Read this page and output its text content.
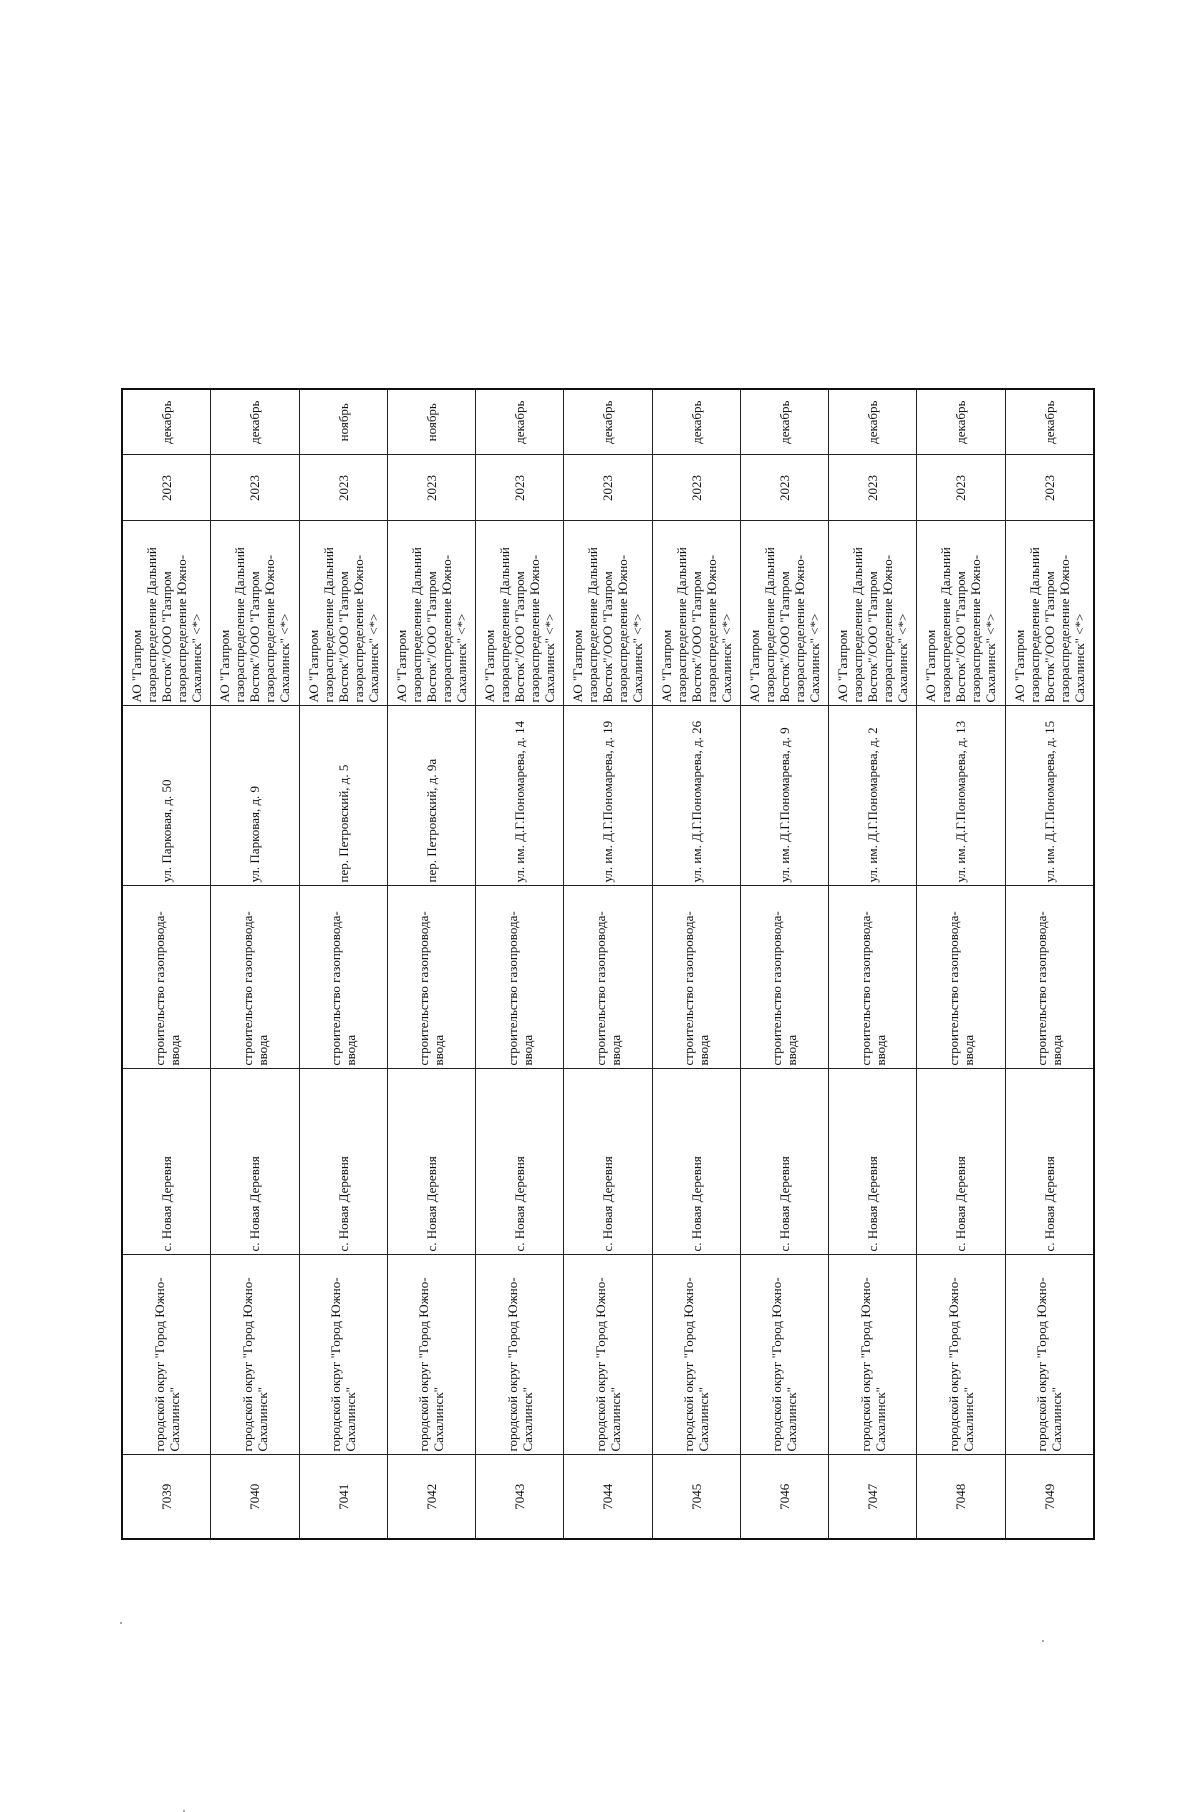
7039	городской округ "Город Южно-Сахалинск"	с. Новая Деревня	строительство газопровода-ввода	ул. Парковая, д. 50	АО "Газпром газораспределение Дальний Восток"/ООО "Газпром газораспределение Южно-Сахалинск" <*>	2023	декабрь
7040	городской округ "Город Южно-Сахалинск"	с. Новая Деревня	строительство газопровода-ввода	ул. Парковая, д. 9	АО "Газпром газораспределение Дальний Восток"/ООО "Газпром газораспределение Южно-Сахалинск" <*>	2023	декабрь
7041	городской округ "Город Южно-Сахалинск"	с. Новая Деревня	строительство газопровода-ввода	пер. Петровский, д. 5	АО "Газпром газораспределение Дальний Восток"/ООО "Газпром газораспределение Южно-Сахалинск" <*>	2023	ноябрь
7042	городской округ "Город Южно-Сахалинск"	с. Новая Деревня	строительство газопровода-ввода	пер. Петровский, д. 9а	АО "Газпром газораспределение Дальний Восток"/ООО "Газпром газораспределение Южно-Сахалинск" <*>	2023	ноябрь
7043	городской округ "Город Южно-Сахалинск"	с. Новая Деревня	строительство газопровода-ввода	ул. им. Д.Г.Пономарева, д. 14	АО "Газпром газораспределение Дальний Восток"/ООО "Газпром газораспределение Южно-Сахалинск" <*>	2023	декабрь
7044	городской округ "Город Южно-Сахалинск"	с. Новая Деревня	строительство газопровода-ввода	ул. им. Д.Г.Пономарева, д. 19	АО "Газпром газораспределение Дальний Восток"/ООО "Газпром газораспределение Южно-Сахалинск" <*>	2023	декабрь
7045	городской округ "Город Южно-Сахалинск"	с. Новая Деревня	строительство газопровода-ввода	ул. им. Д.Г.Пономарева, д. 26	АО "Газпром газораспределение Дальний Восток"/ООО "Газпром газораспределение Южно-Сахалинск" <*>	2023	декабрь
7046	городской округ "Город Южно-Сахалинск"	с. Новая Деревня	строительство газопровода-ввода	ул. им. Д.Г.Пономарева, д. 9	АО "Газпром газораспределение Дальний Восток"/ООО "Газпром газораспределение Южно-Сахалинск" <*>	2023	декабрь
7047	городской округ "Город Южно-Сахалинск"	с. Новая Деревня	строительство газопровода-ввода	ул. им. Д.Г.Пономарева, д. 2	АО "Газпром газораспределение Дальний Восток"/ООО "Газпром газораспределение Южно-Сахалинск" <*>	2023	декабрь
7048	городской округ "Город Южно-Сахалинск"	с. Новая Деревня	строительство газопровода-ввода	ул. им. Д.Г.Пономарева, д. 13	АО "Газпром газораспределение Дальний Восток"/ООО "Газпром газораспределение Южно-Сахалинск" <*>	2023	декабрь
7049	городской округ "Город Южно-Сахалинск"	с. Новая Деревня	строительство газопровода-ввода	ул. им. Д.Г.Пономарева, д. 15	АО "Газпром газораспределение Дальний Восток"/ООО "Газпром газораспределение Южно-Сахалинск" <*>	2023	декабрь
